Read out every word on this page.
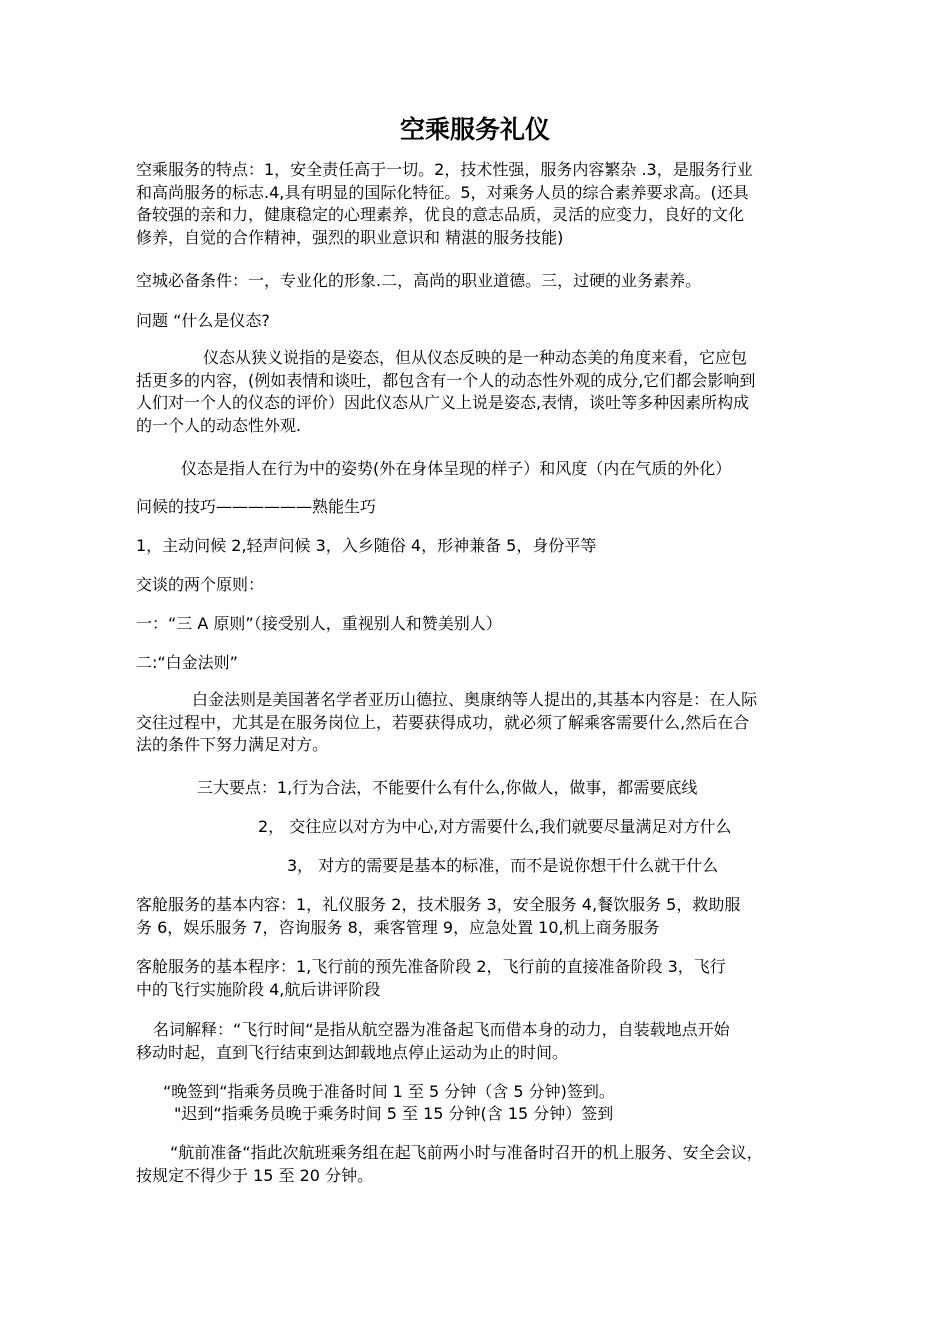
空乘服务礼仪
空乘服务的特点：1，安全责任高于一切。2，技术性强，服务内容繁杂 .3，是服务行业
和高尚服务的标志.4,具有明显的国际化特征。5，对乘务人员的综合素养要求高。(还具
备较强的亲和力，健康稳定的心理素养，优良的意志品质，灵活的应变力，良好的文化
修养，自觉的合作精神，强烈的职业意识和 精湛的服务技能)
空城必备条件：一，专业化的形象.二，高尚的职业道德。三，过硬的业务素养。
问题 “什么是仪态?
仪态从狭义说指的是姿态，但从仪态反映的是一种动态美的角度来看，它应包
括更多的内容，(例如表情和谈吐，都包含有一个人的动态性外观的成分,它们都会影响到
人们对一个人的仪态的评价）因此仪态从广义上说是姿态,表情，谈吐等多种因素所构成
的一个人的动态性外观.
仪态是指人在行为中的姿势(外在身体呈现的样子）和风度（内在气质的外化）
问候的技巧——————熟能生巧
1，主动问候 2,轻声问候 3，入乡随俗 4，形神兼备 5，身份平等
交谈的两个原则：
一：“三 A 原则”（接受别人，重视别人和赞美别人）
二:“白金法则”
白金法则是美国著名学者亚历山德拉、奥康纳等人提出的,其基本内容是：在人际
交往过程中，尤其是在服务岗位上，若要获得成功，就必须了解乘客需要什么,然后在合
法的条件下努力满足对方。
三大要点：1,行为合法，不能要什么有什么,你做人，做事，都需要底线
2， 交往应以对方为中心,对方需要什么,我们就要尽量满足对方什么
3， 对方的需要是基本的标准，而不是说你想干什么就干什么
客舱服务的基本内容：1，礼仪服务 2，技术服务 3，安全服务 4,餐饮服务 5，救助服
务 6，娱乐服务 7，咨询服务 8，乘客管理 9，应急处置 10,机上商务服务
客舱服务的基本程序：1,飞行前的预先准备阶段 2，飞行前的直接准备阶段 3，飞行
中的飞行实施阶段 4,航后讲评阶段
名词解释：“飞行时间“是指从航空器为准备起飞而借本身的动力，自装载地点开始
移动时起，直到飞行结束到达卸载地点停止运动为止的时间。
“晚签到“指乘务员晚于准备时间 1 至 5 分钟（含 5 分钟)签到。
"迟到“指乘务员晚于乘务时间 5 至 15 分钟(含 15 分钟）签到
“航前准备“指此次航班乘务组在起飞前两小时与准备时召开的机上服务、安全会议，
按规定不得少于 15 至 20 分钟。
